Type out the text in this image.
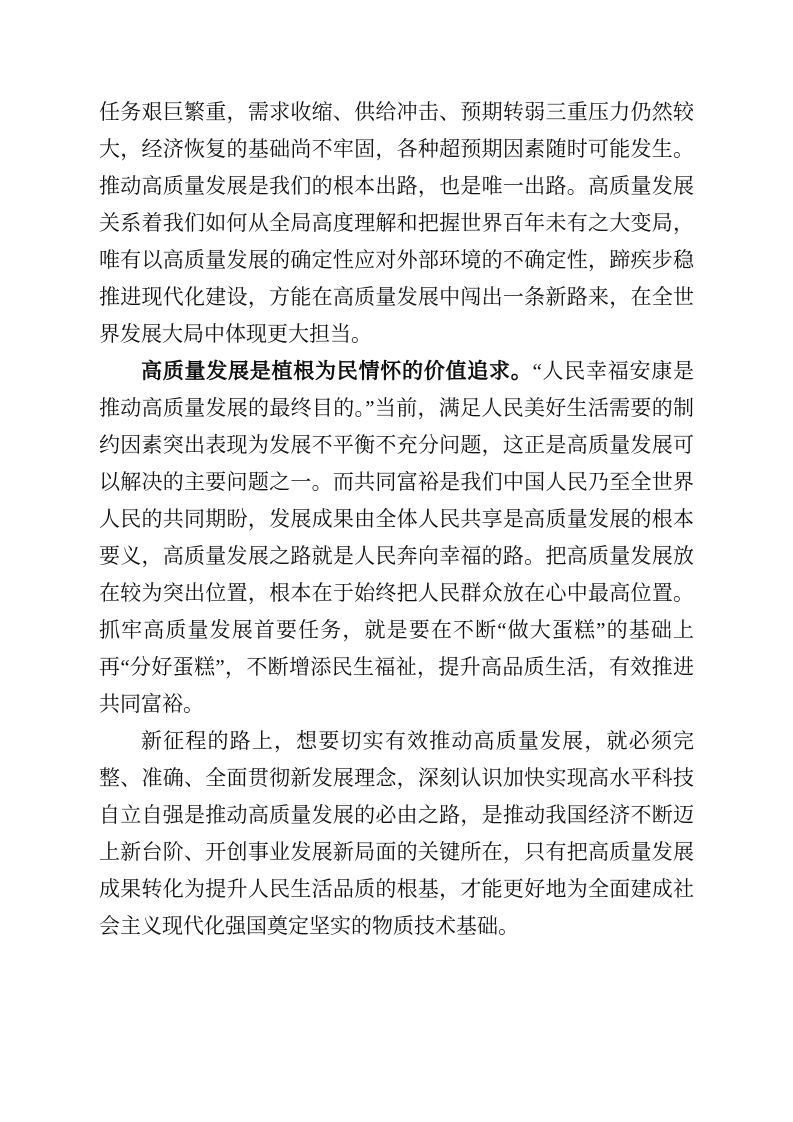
任务艰巨繁重，需求收缩、供给冲击、预期转弱三重压力仍然较大，经济恢复的基础尚不牢固，各种超预期因素随时可能发生。推动高质量发展是我们的根本出路，也是唯一出路。高质量发展关系着我们如何从全局高度理解和把握世界百年未有之大变局，唯有以高质量发展的确定性应对外部环境的不确定性，蹄疾步稳推进现代化建设，方能在高质量发展中闯出一条新路来，在全世界发展大局中体现更大担当。

高质量发展是植根为民情怀的价值追求。“人民幸福安康是推动高质量发展的最终目的。”当前，满足人民美好生活需要的制约因素突出表现为发展不平衡不充分问题，这正是高质量发展可以解决的主要问题之一。而共同富裕是我们中国人民乃至全世界人民的共同期盼，发展成果由全体人民共享是高质量发展的根本要义，高质量发展之路就是人民奔向幸福的路。把高质量发展放在较为突出位置，根本在于始终把人民群众放在心中最高位置。抓牢高质量发展首要任务，就是要在不断“做大蛋糕”的基础上再“分好蛋糕”，不断增添民生福祉，提升高品质生活，有效推进共同富裕。

新征程的路上，想要切实有效推动高质量发展，就必须完整、准确、全面贯彻新发展理念，深刻认识加快实现高水平科技自立自强是推动高质量发展的必由之路，是推动我国经济不断迈上新台阶、开创事业发展新局面的关键所在，只有把高质量发展成果转化为提升人民生活品质的根基，才能更好地为全面建成社会主义现代化强国奠定坚实的物质技术基础。
